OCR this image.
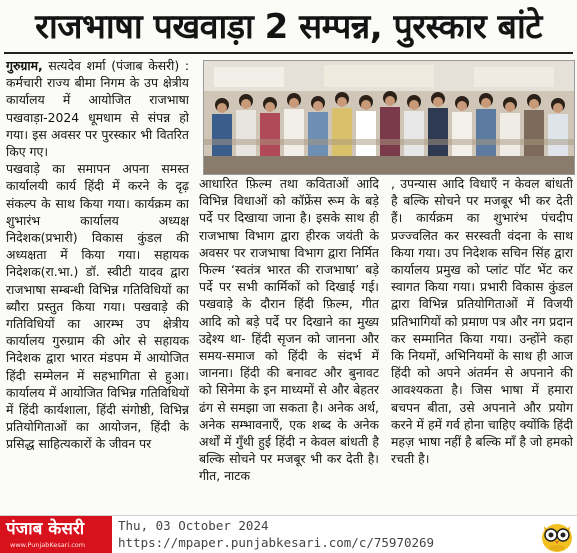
राजभाषा पखवाड़ा 2 सम्पन्न, पुरस्कार बांटे

गुरुग्राम, सत्यदेव शर्मा (पंजाब केसरी) : कर्मचारी राज्य बीमा निगम के उप क्षेत्रीय कार्यालय में आयोजित राजभाषा पखवाड़ा-2024 धूमधाम से संपन्न हो गया। इस अवसर पर पुरस्कार भी वितरित किए गए।

पखवाड़े का समापन अपना समस्त कार्यालयी कार्य हिंदी में करने के दृढ़ संकल्प के साथ किया गया। कार्यक्रम का शुभारंभ कार्यालय अध्यक्ष निदेशक(प्रभारी) विकास कुंडल की अध्यक्षता में किया गया। सहायक निदेशक(रा.भा.) डॉ. स्वीटी यादव द्वारा राजभाषा सम्बन्धी विभिन्न गतिविधियों का ब्यौरा प्रस्तुत किया गया। पखवाड़े की गतिविधियों का आरम्भ उप क्षेत्रीय कार्यालय गुरुग्राम की ओर से सहायक निदेशक द्वारा भारत मंडपम में आयोजित हिंदी सम्मेलन में सहभागिता से हुआ। कार्यालय में आयोजित विभिन्न गतिविधियों में हिंदी कार्यशाला, हिंदी संगोष्ठी, विभिन्न प्रतियोगिताओं का आयोजन, हिंदी के प्रसिद्ध साहित्यकारों के जीवन पर

आधारित फ़िल्म तथा कविताओं आदि विभिन्न विधाओं को कॉफ्रेंस रूम के बड़े पर्दे पर दिखाया जाना है। इसके साथ ही राजभाषा विभाग द्वारा हीरक जयंती के अवसर पर राजभाषा विभाग द्वारा निर्मित फिल्म ‘स्वतंत्र भारत की राजभाषा’ बड़े पर्दे पर सभी कार्मिकों को दिखाई गई। पखवाड़े के दौरान हिंदी फ़िल्म, गीत आदि को बड़े पर्दे पर दिखाने का मुख्य उद्देश्य था- हिंदी सृजन को जानना और समय-समाज को हिंदी के संदर्भ में जानना। हिंदी की बनावट और बुनावट को सिनेमा के इन माध्यमों से और बेहतर ढंग से समझा जा सकता है। अनेक अर्थ, अनेक सम्भावनाएँ, एक शब्द के अनेक अर्थों में गुँथी हुई हिंदी न केवल बांधती है बल्कि सोचने पर मजबूर भी कर देती है। गीत, नाटक

, उपन्यास आदि विधाएँ न केवल बांधती है बल्कि सोचने पर मजबूर भी कर देती हैं। कार्यक्रम का शुभारंभ पंचदीप प्रज्ज्वलित कर सरस्वती वंदना के साथ किया गया। उप निदेशक सचिन सिंह द्वारा कार्यालय प्रमुख को प्लांट पॉट भेंट कर स्वागत किया गया। प्रभारी विकास कुंडल द्वारा विभिन्न प्रतियोगिताओं में विजयी प्रतिभागियों को प्रमाण पत्र और नग प्रदान कर सम्मानित किया गया। उन्होंने कहा कि नियमों, अभिनियमों के साथ ही आज हिंदी को अपने अंतर्मन से अपनाने की आवश्यकता है। जिस भाषा में हमारा बचपन बीता, उसे अपनाने और प्रयोग करने में हमें गर्व होना चाहिए क्योंकि हिंदी महज़ भाषा नहीं है बल्कि माँ है जो हमको रचती है।

पंजाब केसरी
www.PunjabKesari.com
Thu, 03 October 2024
https://mpaper.punjabkesari.com/c/75970269
